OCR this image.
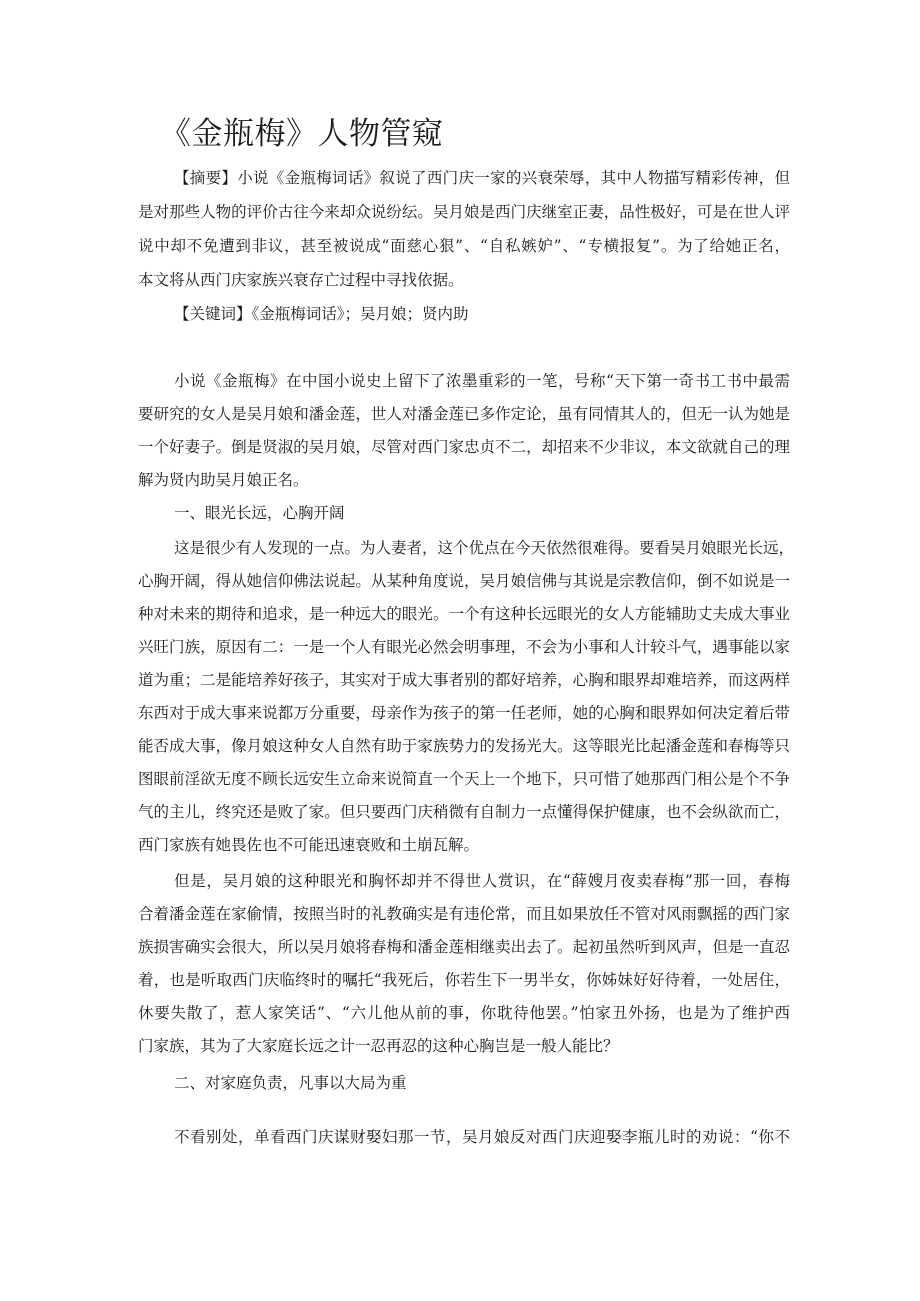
《金瓶梅》人物管窥

【摘要】小说《金瓶梅词话》叙说了西门庆一家的兴衰荣辱，其中人物描写精彩传神，但

是对那些人物的评价古往今来却众说纷纭。吴月娘是西门庆继室正妻，品性极好，可是在世人评

说中却不免遭到非议，甚至被说成“面慈心狠”、“自私嫉妒”、“专横报复”。为了给她正名，

本文将从西门庆家族兴衰存亡过程中寻找依据。

【关键词】《金瓶梅词话》；吴月娘；贤内助

小说《金瓶梅》在中国小说史上留下了浓墨重彩的一笔，号称“天下第一奇书工书中最需

要研究的女人是吴月娘和潘金莲，世人对潘金莲已多作定论，虽有同情其人的，但无一认为她是

一个好妻子。倒是贤淑的吴月娘，尽管对西门家忠贞不二，却招来不少非议，本文欲就自己的理

解为贤内助吴月娘正名。

一、眼光长远，心胸开阔

这是很少有人发现的一点。为人妻者，这个优点在今天依然很难得。要看吴月娘眼光长远，

心胸开阔，得从她信仰佛法说起。从某种角度说，吴月娘信佛与其说是宗教信仰，倒不如说是一

种对未来的期待和追求，是一种远大的眼光。一个有这种长远眼光的女人方能辅助丈夫成大事业

兴旺门族，原因有二：一是一个人有眼光必然会明事理，不会为小事和人计较斗气，遇事能以家

道为重；二是能培养好孩子，其实对于成大事者别的都好培养，心胸和眼界却难培养，而这两样

东西对于成大事来说都万分重要，母亲作为孩子的第一任老师，她的心胸和眼界如何决定着后带

能否成大事，像月娘这种女人自然有助于家族势力的发扬光大。这等眼光比起潘金莲和春梅等只

图眼前淫欲无度不顾长远安生立命来说简直一个天上一个地下，只可惜了她那西门相公是个不争

气的主儿，终究还是败了家。但只要西门庆稍微有自制力一点懂得保护健康，也不会纵欲而亡，

西门家族有她畏佐也不可能迅速衰败和土崩瓦解。

但是，吴月娘的这种眼光和胸怀却并不得世人赏识，在“薛嫂月夜卖春梅”那一回，春梅

合着潘金莲在家偷情，按照当时的礼教确实是有违伦常，而且如果放任不管对风雨飘摇的西门家

族损害确实会很大，所以吴月娘将春梅和潘金莲相继卖出去了。起初虽然听到风声，但是一直忍

着，也是听取西门庆临终时的嘱托“我死后，你若生下一男半女，你姊妹好好待着，一处居住，

休要失散了，惹人家笑话”、“六儿他从前的事，你耽待他罢。”怕家丑外扬，也是为了维护西

门家族，其为了大家庭长远之计一忍再忍的这种心胸岂是一般人能比？

二、对家庭负责，凡事以大局为重

不看别处，单看西门庆谋财娶妇那一节，吴月娘反对西门庆迎娶李瓶儿时的劝说：“你不
